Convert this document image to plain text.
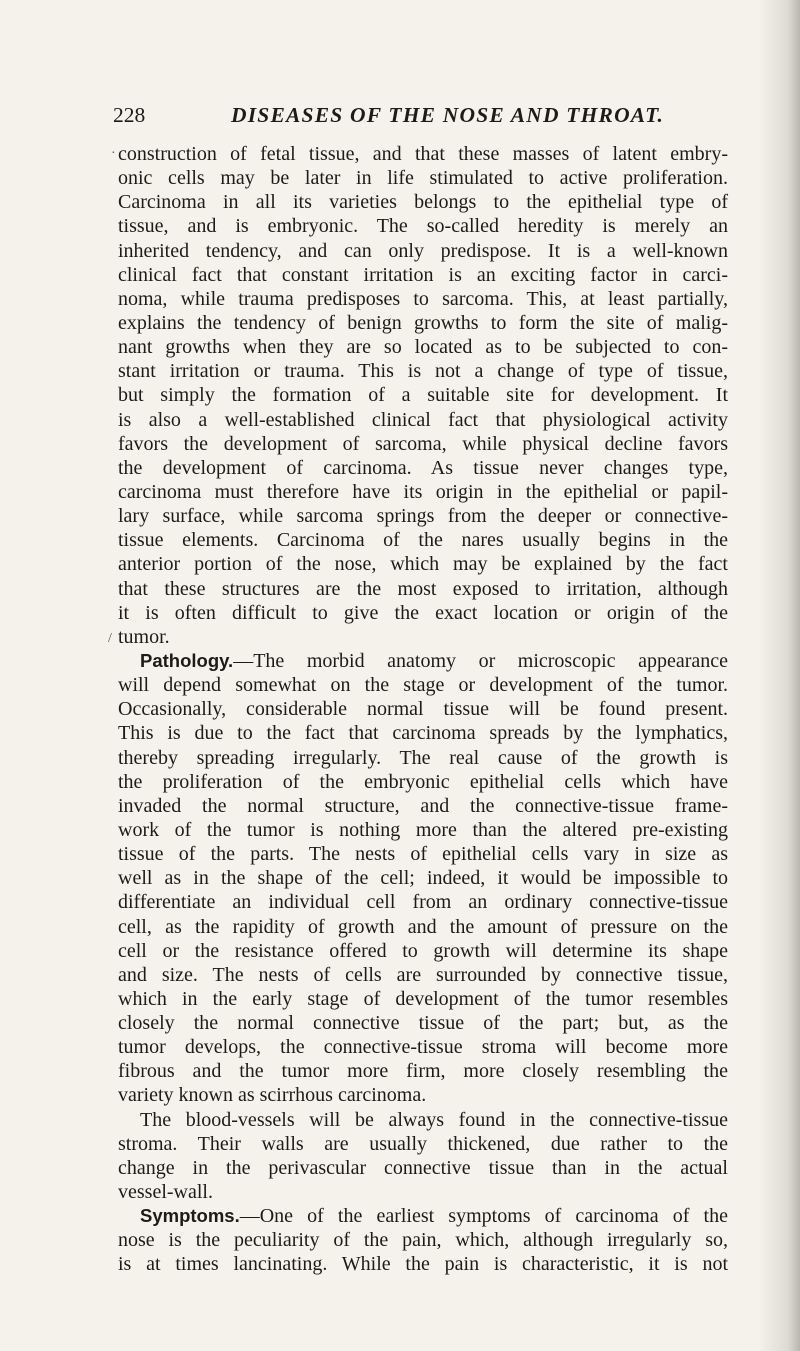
228	DISEASES OF THE NOSE AND THROAT.
·
/
construction of fetal tissue, and that these masses of latent embry-
onic cells may be later in life stimulated to active proliferation.
Carcinoma in all its varieties belongs to the epithelial type of
tissue, and is embryonic. The so-called heredity is merely an
inherited tendency, and can only predispose. It is a well-known
clinical fact that constant irritation is an exciting factor in carci-
noma, while trauma predisposes to sarcoma. This, at least partially,
explains the tendency of benign growths to form the site of malig-
nant growths when they are so located as to be subjected to con-
stant irritation or trauma. This is not a change of type of tissue,
but simply the formation of a suitable site for development. It
is also a well-established clinical fact that physiological activity
favors the development of sarcoma, while physical decline favors
the development of carcinoma. As tissue never changes type,
carcinoma must therefore have its origin in the epithelial or papil-
lary surface, while sarcoma springs from the deeper or connective-
tissue elements. Carcinoma of the nares usually begins in the
anterior portion of the nose, which may be explained by the fact
that these structures are the most exposed to irritation, although
it is often difficult to give the exact location or origin of the
tumor.
Pathology.—The morbid anatomy or microscopic appearance
will depend somewhat on the stage or development of the tumor.
Occasionally, considerable normal tissue will be found present.
This is due to the fact that carcinoma spreads by the lymphatics,
thereby spreading irregularly. The real cause of the growth is
the proliferation of the embryonic epithelial cells which have
invaded the normal structure, and the connective-tissue frame-
work of the tumor is nothing more than the altered pre-existing
tissue of the parts. The nests of epithelial cells vary in size as
well as in the shape of the cell; indeed, it would be impossible to
differentiate an individual cell from an ordinary connective-tissue
cell, as the rapidity of growth and the amount of pressure on the
cell or the resistance offered to growth will determine its shape
and size. The nests of cells are surrounded by connective tissue,
which in the early stage of development of the tumor resembles
closely the normal connective tissue of the part; but, as the
tumor develops, the connective-tissue stroma will become more
fibrous and the tumor more firm, more closely resembling the
variety known as scirrhous carcinoma.
The blood-vessels will be always found in the connective-tissue
stroma. Their walls are usually thickened, due rather to the
change in the perivascular connective tissue than in the actual
vessel-wall.
Symptoms.—One of the earliest symptoms of carcinoma of the
nose is the peculiarity of the pain, which, although irregularly so,
is at times lancinating. While the pain is characteristic, it is not
